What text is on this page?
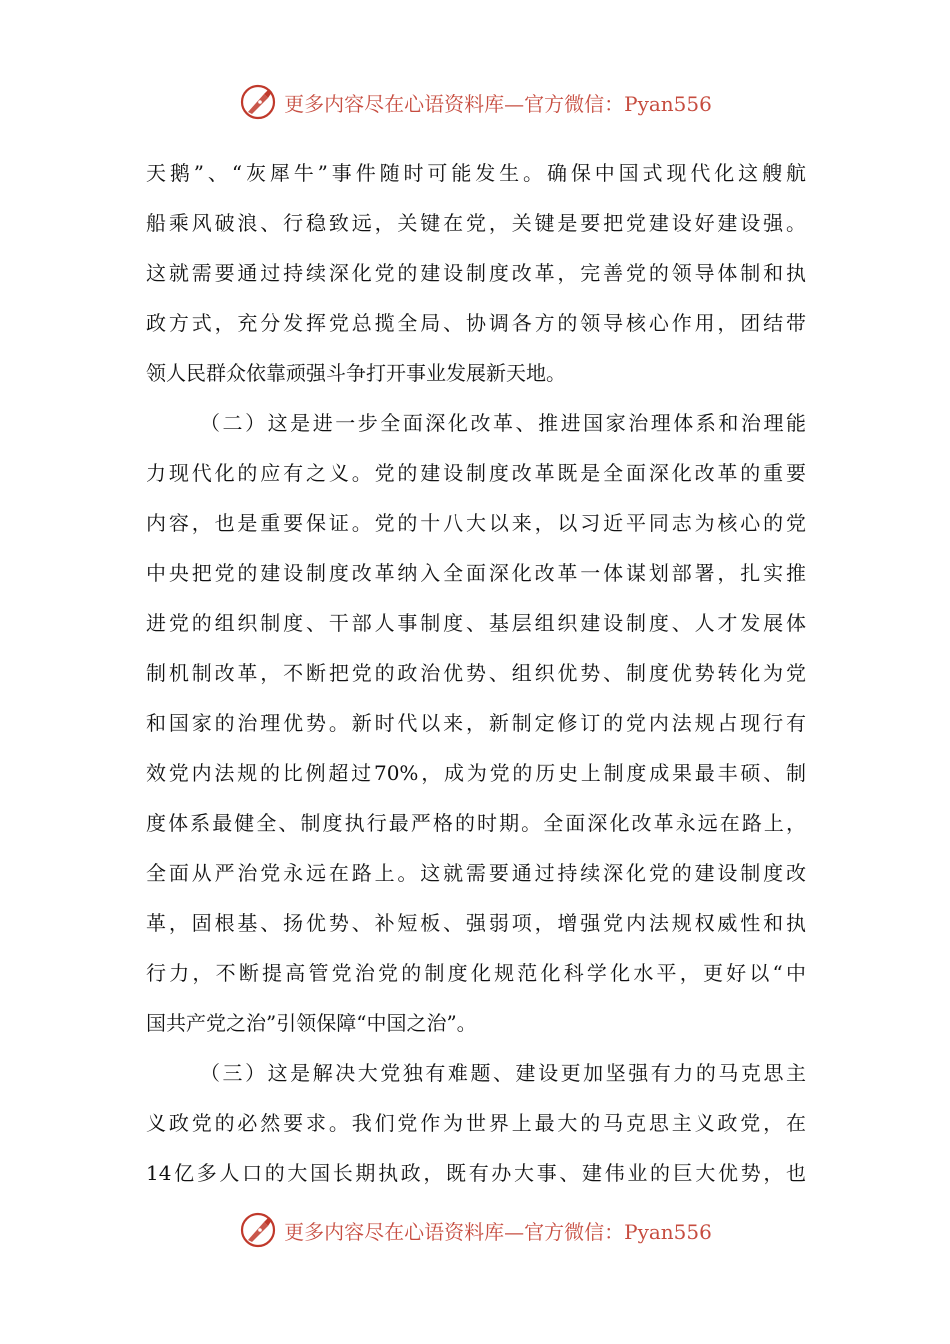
更多内容尽在心语资料库—官方微信：Pyan556
天鹅”、“灰犀牛”事件随时可能发生。确保中国式现代化这艘航
船乘风破浪、行稳致远，关键在党，关键是要把党建设好建设强。
这就需要通过持续深化党的建设制度改革，完善党的领导体制和执
政方式，充分发挥党总揽全局、协调各方的领导核心作用，团结带
领人民群众依靠顽强斗争打开事业发展新天地。
（二）这是进一步全面深化改革、推进国家治理体系和治理能
力现代化的应有之义。党的建设制度改革既是全面深化改革的重要
内容，也是重要保证。党的十八大以来，以习近平同志为核心的党
中央把党的建设制度改革纳入全面深化改革一体谋划部署，扎实推
进党的组织制度、干部人事制度、基层组织建设制度、人才发展体
制机制改革，不断把党的政治优势、组织优势、制度优势转化为党
和国家的治理优势。新时代以来，新制定修订的党内法规占现行有
效党内法规的比例超过70%，成为党的历史上制度成果最丰硕、制
度体系最健全、制度执行最严格的时期。全面深化改革永远在路上，
全面从严治党永远在路上。这就需要通过持续深化党的建设制度改
革，固根基、扬优势、补短板、强弱项，增强党内法规权威性和执
行力，不断提高管党治党的制度化规范化科学化水平，更好以“中
国共产党之治”引领保障“中国之治”。
（三）这是解决大党独有难题、建设更加坚强有力的马克思主
义政党的必然要求。我们党作为世界上最大的马克思主义政党，在
14亿多人口的大国长期执政，既有办大事、建伟业的巨大优势，也
更多内容尽在心语资料库—官方微信：Pyan556
